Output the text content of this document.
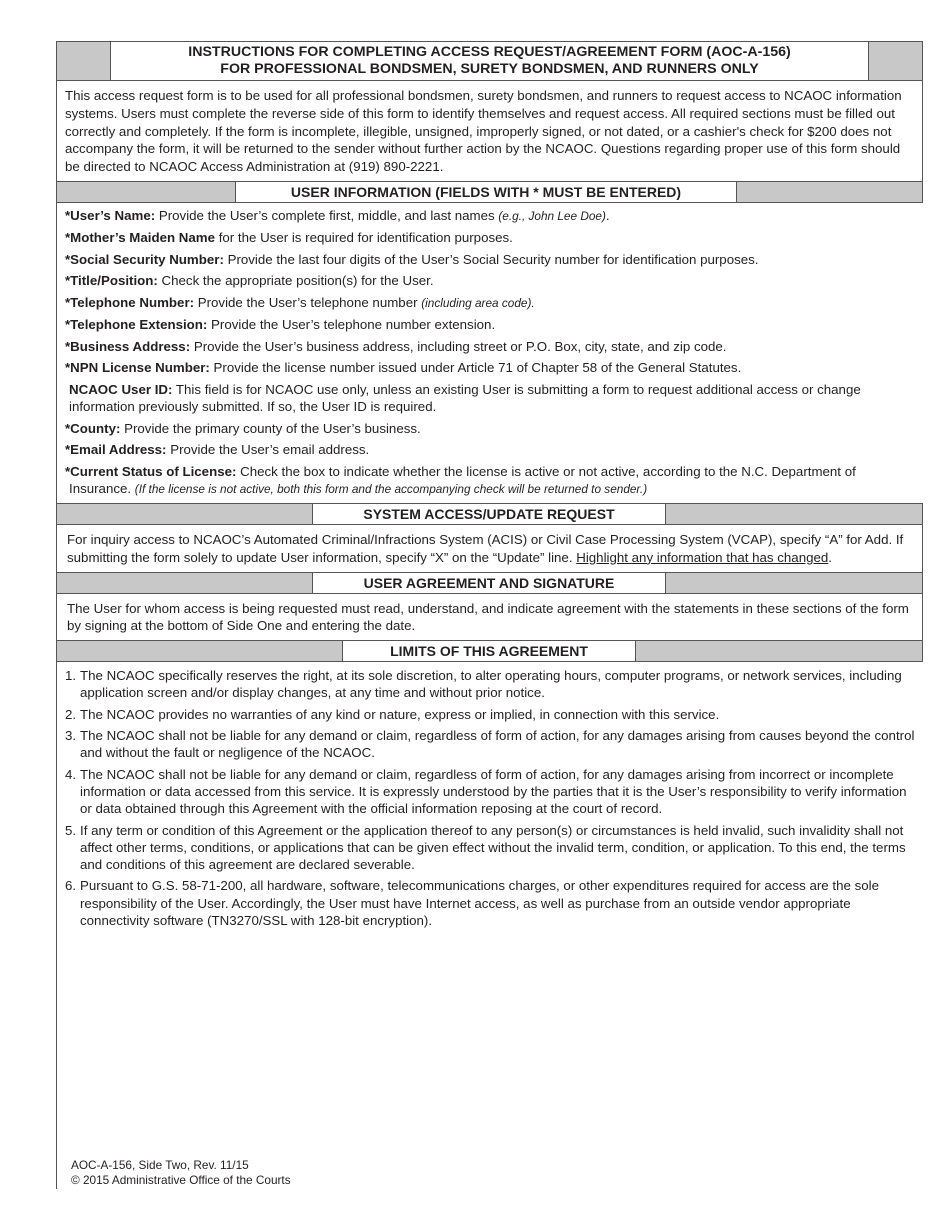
INSTRUCTIONS FOR COMPLETING ACCESS REQUEST/AGREEMENT FORM (AOC-A-156)
FOR PROFESSIONAL BONDSMEN, SURETY BONDSMEN, AND RUNNERS ONLY
This access request form is to be used for all professional bondsmen, surety bondsmen, and runners to request access to NCAOC information systems. Users must complete the reverse side of this form to identify themselves and request access. All required sections must be filled out correctly and completely. If the form is incomplete, illegible, unsigned, improperly signed, or not dated, or a cashier's check for $200 does not accompany the form, it will be returned to the sender without further action by the NCAOC. Questions regarding proper use of this form should be directed to NCAOC Access Administration at (919) 890-2221.
USER INFORMATION (FIELDS WITH * MUST BE ENTERED)
*User’s Name: Provide the User’s complete first, middle, and last names (e.g., John Lee Doe).
*Mother’s Maiden Name for the User is required for identification purposes.
*Social Security Number: Provide the last four digits of the User’s Social Security number for identification purposes.
*Title/Position: Check the appropriate position(s) for the User.
*Telephone Number: Provide the User’s telephone number (including area code).
*Telephone Extension: Provide the User’s telephone number extension.
*Business Address: Provide the User’s business address, including street or P.O. Box, city, state, and zip code.
*NPN License Number: Provide the license number issued under Article 71 of Chapter 58 of the General Statutes.
NCAOC User ID: This field is for NCAOC use only, unless an existing User is submitting a form to request additional access or change information previously submitted. If so, the User ID is required.
*County: Provide the primary county of the User’s business.
*Email Address: Provide the User’s email address.
*Current Status of License: Check the box to indicate whether the license is active or not active, according to the N.C. Department of
Insurance. (If the license is not active, both this form and the accompanying check will be returned to sender.)
SYSTEM ACCESS/UPDATE REQUEST
For inquiry access to NCAOC’s Automated Criminal/Infractions System (ACIS) or Civil Case Processing System (VCAP), specify “A” for Add. If submitting the form solely to update User information, specify “X” on the “Update” line. Highlight any information that has changed.
USER AGREEMENT AND SIGNATURE
The User for whom access is being requested must read, understand, and indicate agreement with the statements in these sections of the form by signing at the bottom of Side One and entering the date.
LIMITS OF THIS AGREEMENT
1. The NCAOC specifically reserves the right, at its sole discretion, to alter operating hours, computer programs, or network services, including application screen and/or display changes, at any time and without prior notice.
2. The NCAOC provides no warranties of any kind or nature, express or implied, in connection with this service.
3. The NCAOC shall not be liable for any demand or claim, regardless of form of action, for any damages arising from causes beyond the control and without the fault or negligence of the NCAOC.
4. The NCAOC shall not be liable for any demand or claim, regardless of form of action, for any damages arising from incorrect or incomplete information or data accessed from this service. It is expressly understood by the parties that it is the User’s responsibility to verify information or data obtained through this Agreement with the official information reposing at the court of record.
5. If any term or condition of this Agreement or the application thereof to any person(s) or circumstances is held invalid, such invalidity shall not affect other terms, conditions, or applications that can be given effect without the invalid term, condition, or application. To this end, the terms and conditions of this agreement are declared severable.
6. Pursuant to G.S. 58-71-200, all hardware, software, telecommunications charges, or other expenditures required for access are the sole responsibility of the User. Accordingly, the User must have Internet access, as well as purchase from an outside vendor appropriate connectivity software (TN3270/SSL with 128-bit encryption).
AOC-A-156, Side Two, Rev. 11/15
© 2015 Administrative Office of the Courts
